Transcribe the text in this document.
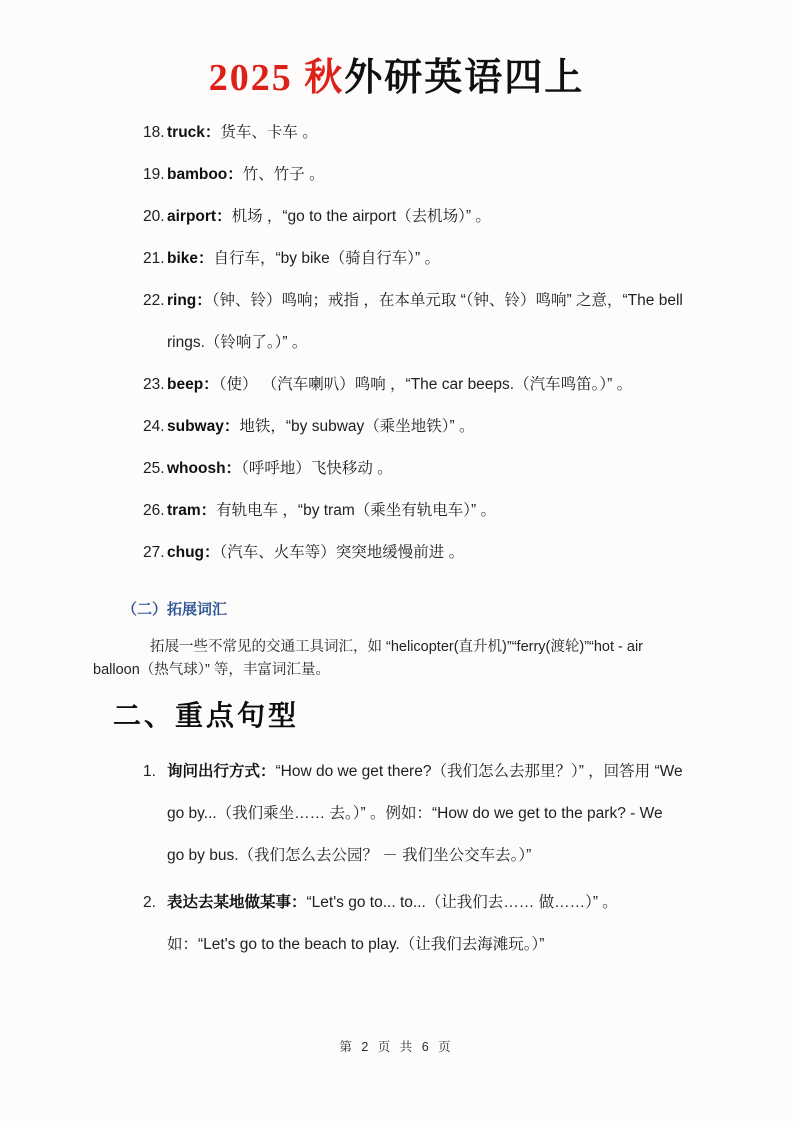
2025 秋外研英语四上
18. truck：货车、卡车 。
19. bamboo：竹、竹子 。
20. airport：机场 ，“go to the airport（去机场）” 。
21. bike：自行车，“by bike（骑自行车）” 。
22. ring：（钟、铃）鸣响；戒指 ，在本单元取 “（钟、铃）鸣响” 之意，“The bell rings.（铃响了。）” 。
23. beep：（使） （汽车喇叭）鸣响 ，“The car beeps.（汽车鸣笛。）” 。
24. subway：地铁，“by subway（乘坐地铁）” 。
25. whoosh：（呼呼地）飞快移动 。
26. tram：有轨电车 ，“by tram（乘坐有轨电车）” 。
27. chug：（汽车、火车等）突突地缓慢前进 。
（二）拓展词汇

拓展一些不常见的交通工具词汇，如 “helicopter(直升机)”“ferry(渡轮)”“hot - air balloon（热气球）” 等，丰富词汇量。

二、重点句型
1. 询问出行方式：“How do we get there?（我们怎么去那里？）” ，回答用 “We go by...（我们乘坐…… 去。）” 。例如：“How do we get to the park? - We go by bus.（我们怎么去公园？ － 我们坐公交车去。）”
2. 表达去某地做某事：“Let's go to... to...（让我们去…… 做……）” 。如：“Let's go to the beach to play.（让我们去海滩玩。）”
第 2 页 共 6 页
